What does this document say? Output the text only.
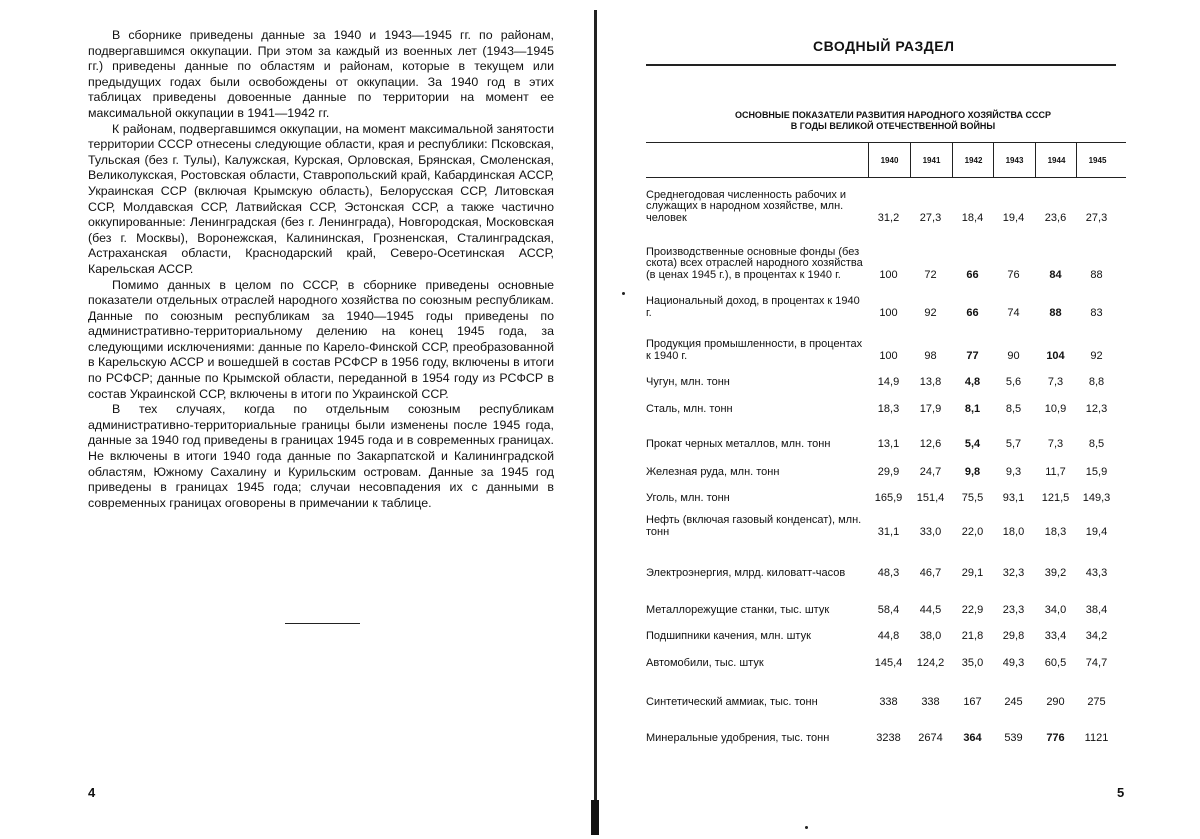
В сборнике приведены данные за 1940 и 1943—1945 гг. по районам, подвергавшимся оккупации. При этом за каждый из военных лет (1943—1945 гг.) приведены данные по областям и районам, которые в текущем или предыдущих годах были освобождены от оккупации. За 1940 год в этих таблицах приведены довоенные данные по территории на момент ее максимальной оккупации в 1941—1942 гг.

К районам, подвергавшимся оккупации, на момент максимальной занятости территории СССР отнесены следующие области, края и республики: Псковская, Тульская (без г. Тулы), Калужская, Курская, Орловская, Брянская, Смоленская, Великолукская, Ростовская области, Ставропольский край, Кабардинская АССР, Украинская ССР (включая Крымскую область), Белорусская ССР, Литовская ССР, Молдавская ССР, Латвийская ССР, Эстонская ССР, а также частично оккупированные: Ленинградская (без г. Ленинграда), Новгородская, Московская (без г. Москвы), Воронежская, Калининская, Грозненская, Сталинградская, Астраханская области, Краснодарский край, Северо-Осетинская АССР, Карельская АССР.

Помимо данных в целом по СССР, в сборнике приведены основные показатели отдельных отраслей народного хозяйства по союзным республикам. Данные по союзным республикам за 1940—1945 годы приведены по административно-территориальному делению на конец 1945 года, за следующими исключениями: данные по Карело-Финской ССР, преобразованной в Карельскую АССР и вошедшей в состав РСФСР в 1956 году, включены в итоги по РСФСР; данные по Крымской области, переданной в 1954 году из РСФСР в состав Украинской ССР, включены в итоги по Украинской ССР.

В тех случаях, когда по отдельным союзным республикам административно-территориальные границы были изменены после 1945 года, данные за 1940 год приведены в границах 1945 года и в современных границах. Не включены в итоги 1940 года данные по Закарпатской и Калининградской областям, Южному Сахалину и Курильским островам. Данные за 1945 год приведены в границах 1945 года; случаи несовпадения их с данными в современных границах оговорены в примечании к таблице.

4
СВОДНЫЙ РАЗДЕЛ
ОСНОВНЫЕ ПОКАЗАТЕЛИ РАЗВИТИЯ НАРОДНОГО ХОЗЯЙСТВА СССР
В ГОДЫ ВЕЛИКОЙ ОТЕЧЕСТВЕННОЙ ВОЙНЫ
1940	1941	1942	1943	1944	1945
Среднегодовая численность рабочих и служащих в народном хозяйстве, млн. человек	31,2	27,3	18,4	19,4	23,6	27,3
Производственные основные фонды (без скота) всех отраслей народного хозяйства (в ценах 1945 г.), в процентах к 1940 г.	100	72	66	76	84	88
Национальный доход, в процентах к 1940 г.	100	92	66	74	88	83
Продукция промышленности, в процентах к 1940 г.	100	98	77	90	104	92
Чугун, млн. тонн	14,9	13,8	4,8	5,6	7,3	8,8
Сталь, млн. тонн	18,3	17,9	8,1	8,5	10,9	12,3
Прокат черных металлов, млн. тонн	13,1	12,6	5,4	5,7	7,3	8,5
Железная руда, млн. тонн	29,9	24,7	9,8	9,3	11,7	15,9
Уголь, млн. тонн	165,9	151,4	75,5	93,1	121,5	149,3
Нефть (включая газовый конденсат), млн. тонн	31,1	33,0	22,0	18,0	18,3	19,4
Электроэнергия, млрд. киловатт-часов	48,3	46,7	29,1	32,3	39,2	43,3
Металлорежущие станки, тыс. штук	58,4	44,5	22,9	23,3	34,0	38,4
Подшипники качения, млн. штук	44,8	38,0	21,8	29,8	33,4	34,2
Автомобили, тыс. штук	145,4	124,2	35,0	49,3	60,5	74,7
Синтетический аммиак, тыс. тонн	338	338	167	245	290	275
Минеральные удобрения, тыс. тонн	3238	2674	364	539	776	1121
5
